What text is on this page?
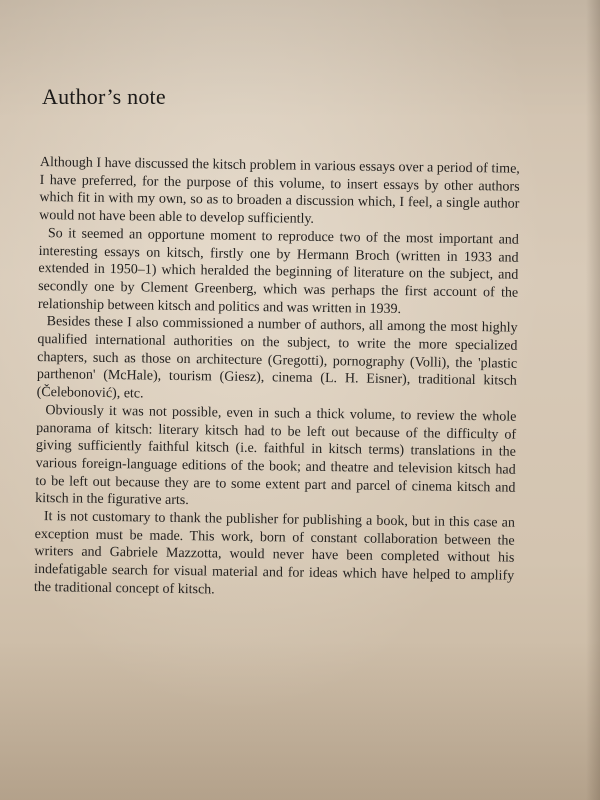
Author’s note

Although I have discussed the kitsch problem in various essays over a period of time, I have preferred, for the purpose of this volume, to insert essays by other authors which fit in with my own, so as to broaden a discussion which, I feel, a single author would not have been able to develop sufficiently.

So it seemed an opportune moment to reproduce two of the most important and interesting essays on kitsch, firstly one by Hermann Broch (written in 1933 and extended in 1950–1) which heralded the beginning of literature on the subject, and secondly one by Clement Greenberg, which was perhaps the first account of the relationship between kitsch and politics and was written in 1939.

Besides these I also commissioned a number of authors, all among the most highly qualified international authorities on the subject, to write the more specialized chapters, such as those on architecture (Gregotti), pornography (Volli), the 'plastic parthenon' (McHale), tourism (Giesz), cinema (L. H. Eisner), traditional kitsch (Čelebonović), etc.

Obviously it was not possible, even in such a thick volume, to review the whole panorama of kitsch: literary kitsch had to be left out because of the difficulty of giving sufficiently faithful kitsch (i.e. faithful in kitsch terms) translations in the various foreign-language editions of the book; and theatre and television kitsch had to be left out because they are to some extent part and parcel of cinema kitsch and kitsch in the figurative arts.

It is not customary to thank the publisher for publishing a book, but in this case an exception must be made. This work, born of constant collaboration between the writers and Gabriele Mazzotta, would never have been completed without his indefatigable search for visual material and for ideas which have helped to amplify the traditional concept of kitsch.
